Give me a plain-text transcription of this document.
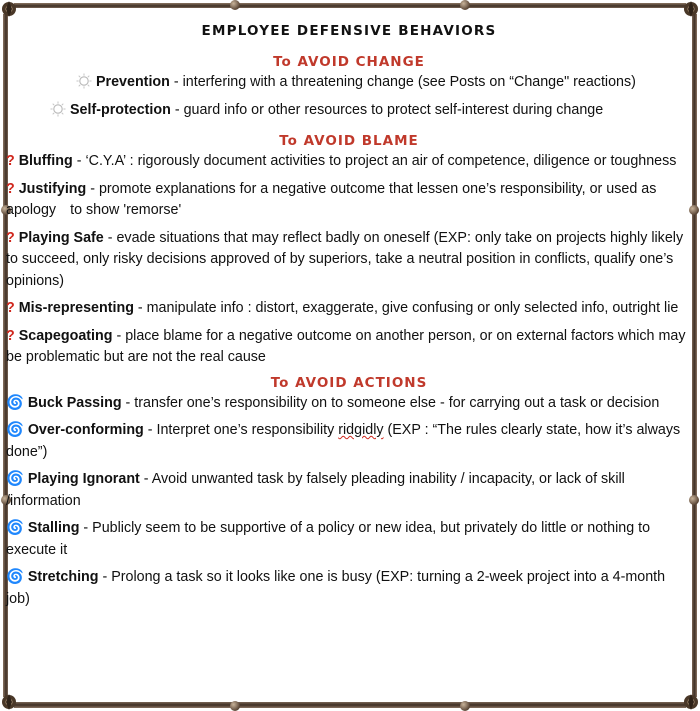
EMPLOYEE DEFENSIVE BEHAVIORS
To AVOID CHANGE
Prevention - interfering with a threatening change (see Posts on “Change" reactions)
Self-protection - guard info or other resources to protect self-interest during change
To AVOID BLAME
? Bluffing - ‘C.Y.A’ : rigorously document activities to project an air of competence, diligence or toughness
? Justifying - promote explanations for a negative outcome that lessen one’s responsibility, or used as apology to show 'remorse'
? Playing Safe - evade situations that may reflect badly on oneself (EXP: only take on projects highly likely to succeed, only risky decisions approved of by superiors, take a neutral position in conflicts, qualify one’s opinions)
? Mis-representing - manipulate info : distort, exaggerate, give confusing or only selected info, outright lie
? Scapegoating - place blame for a negative outcome on another person, or on external factors which may be problematic but are not the real cause
To AVOID ACTIONS
🌀 Buck Passing - transfer one’s responsibility on to someone else - for carrying out a task or decision
🌀 Over-conforming - Interpret one’s responsibility ridgidly (EXP : “The rules clearly state, how it’s always done”)
🌀 Playing Ignorant - Avoid unwanted task by falsely pleading inability / incapacity, or lack of skill /information
🌀 Stalling - Publicly seem to be supportive of a policy or new idea, but privately do little or nothing to execute it
🌀 Stretching - Prolong a task so it looks like one is busy (EXP: turning a 2-week project into a 4-month job)
